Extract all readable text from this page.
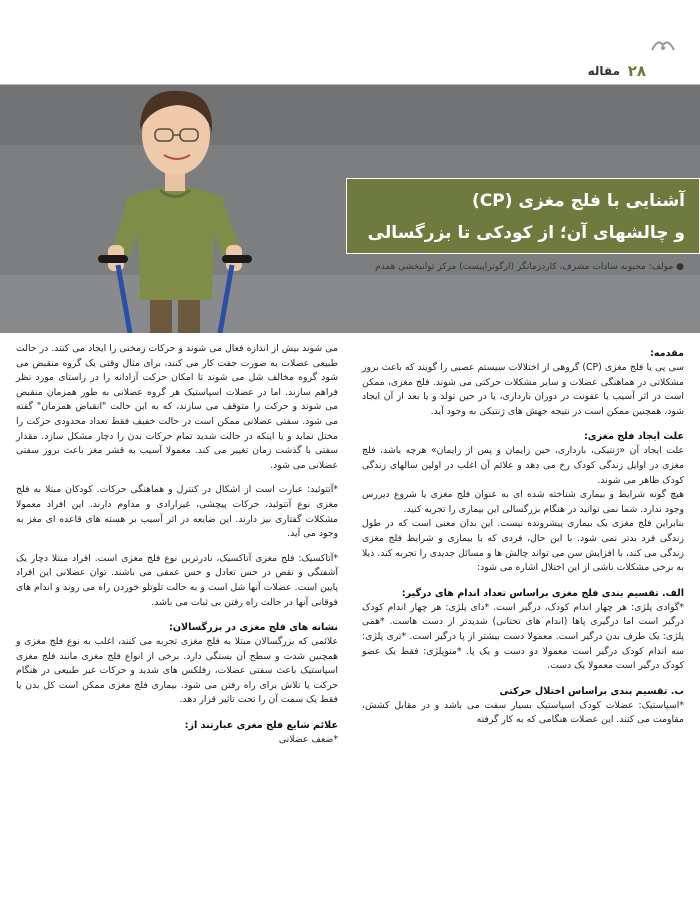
۲۸
مقاله
آشنایی با فلج مغزی (CP)
و چالشهای آن؛ از کودکی تا بزرگسالی
● مولف: محبوبه سادات مشرف، کاردرمانگر (ارگوتراپیست) مرکز توانبخشی همدم
مقدمه:

سی پی یا فلج مغزی (CP) گروهی از اختلالات سیستم عصبی را گویند که باعث بروز مشکلاتی در هماهنگی عضلات و سایر مشکلات حرکتی می شوند. فلج مغزی، ممکن است در اثر آسیب یا عفونت در دوران بارداری، یا در حین تولد و یا بعد از آن ایجاد شود، همچنین ممکن است در نتیجه جهش های ژنتیکی به وجود آید.

علت ایجاد فلج مغزی:

علت ایجاد آن «ژنتیکی، بارداری، حین زایمان و پس از زایمان» هرچه باشد، فلج مغزی در اوایل زندگی کودک رخ می دهد و علائم آن اغلب در اولین سالهای زندگی کودک ظاهر می شوند.

هیچ گونه شرایط و بیماری شناخته شده ای به عنوان فلج مغزی یا شروع دیررس وجود ندارد. شما نمی توانید در هنگام بزرگسالی این بیماری را تجربه کنید.

بنابراین فلج مغزی یک بیماری پیشرونده نیست. این بدان معنی است که در طول زندگی فرد بدتر نمی شود. با این حال، فردی که با بیماری و شرایط فلج مغزی زندگی می کند، با افزایش سن می تواند چالش ها و مسائل جدیدی را تجربه کند. ذیلا به برخی مشکلات ناشی از این اختلال اشاره می شود:

الف. تقسیم بندی فلج مغزی براساس تعداد اندام های درگیر:

*گوادی پلژی: هر چهار اندام کودک، درگیر است. *دای پلژی: هر چهار اندام کودک درگیر است اما درگیری پاها (اندام های تحتانی) شدیدتر از دست هاست. *همی پلژی: یک طرف بدن درگیر است. معمولا دست بیشتر از پا درگیر است. *تری پلژی: سه اندام کودک درگیر است معمولا دو دست و یک پا. *منوپلژی: فقط یک عضو کودک درگیر است معمولا یک دست.

ب. تقسیم بندی براساس اختلال حرکتی

*اسپاستیک: عضلات کودک اسپاستیک بسیار سفت می باشد و در مقابل کشش، مقاومت می کنند. این عضلات هنگامی که به کار گرفته

می شوند بیش از اندازه فعال می شوند و حرکات زمختی را ایجاد می کنند. در حالت طبیعی عضلات به صورت جفت کار می کنند، برای مثال وقتی یک گروه منقبض می شود گروه مخالف شل می شوند تا امکان حرکت آزادانه را در راستای مورد نظر فراهم سازند. اما در عضلات اسپاستیک هر گروه عضلانی به طور همزمان منقبض می شوند و حرکت را متوقف می سازند، که به این حالت "انقباض همزمان" گفته می شود. سفتی عضلانی ممکن است در حالت خفیف فقط تعداد محدودی حرکت را مختل نماید و یا اینکه در حالت شدید تمام حرکات بدن را دچار مشکل سازد. مقدار سفتی با گذشت زمان تغییر می کند. معمولا آسیب به قشر مغز باعث بروز سفتی عضلانی می شود.

*آتتوئید: عبارت است از اشکال در کنترل و هماهنگی حرکات. کودکان مبتلا به فلج مغزی نوع آتتوئید، حرکات پیچشی، غیرارادی و مداوم دارند. این افراد معمولا مشکلات گفتاری نیز دارند. این ضایعه در اثر آسیب بر هسته های قاعده ای مغز به وجود می آید.

*آتاکسیک: فلج مغزی آتاکسیک، نادرترین نوع فلج مغزی است. افراد مبتلا دچار یک آشفتگی و نقص در حس تعادل و حس عمقی می باشند. توان عضلانی این افراد پایین است. عضلات آنها شل است و به حالت تلوتلو خوردن راه می روند و اندام های فوقانی آنها در حالت راه رفتن بی ثبات می باشد.

نشانه های فلج مغزی در بزرگسالان:

علائمی که بزرگسالان مبتلا به فلج مغزی تجربه می کنند، اغلب به نوع فلج مغزی و همچنین شدت و سطح آن بستگی دارد. برخی از انواع فلج مغزی مانند فلج مغزی اسپاستیک باعث سفتی عضلات، رفلکس های شدید و حرکات غیر طبیعی در هنگام حرکت یا تلاش برای راه رفتن می شود. بیماری فلج مغزی ممکن است کل بدن یا فقط یک سمت آن را تحت تاثیر قرار دهد.

علائم شایع فلج مغزی عبارتند از:

*ضعف عضلانی
